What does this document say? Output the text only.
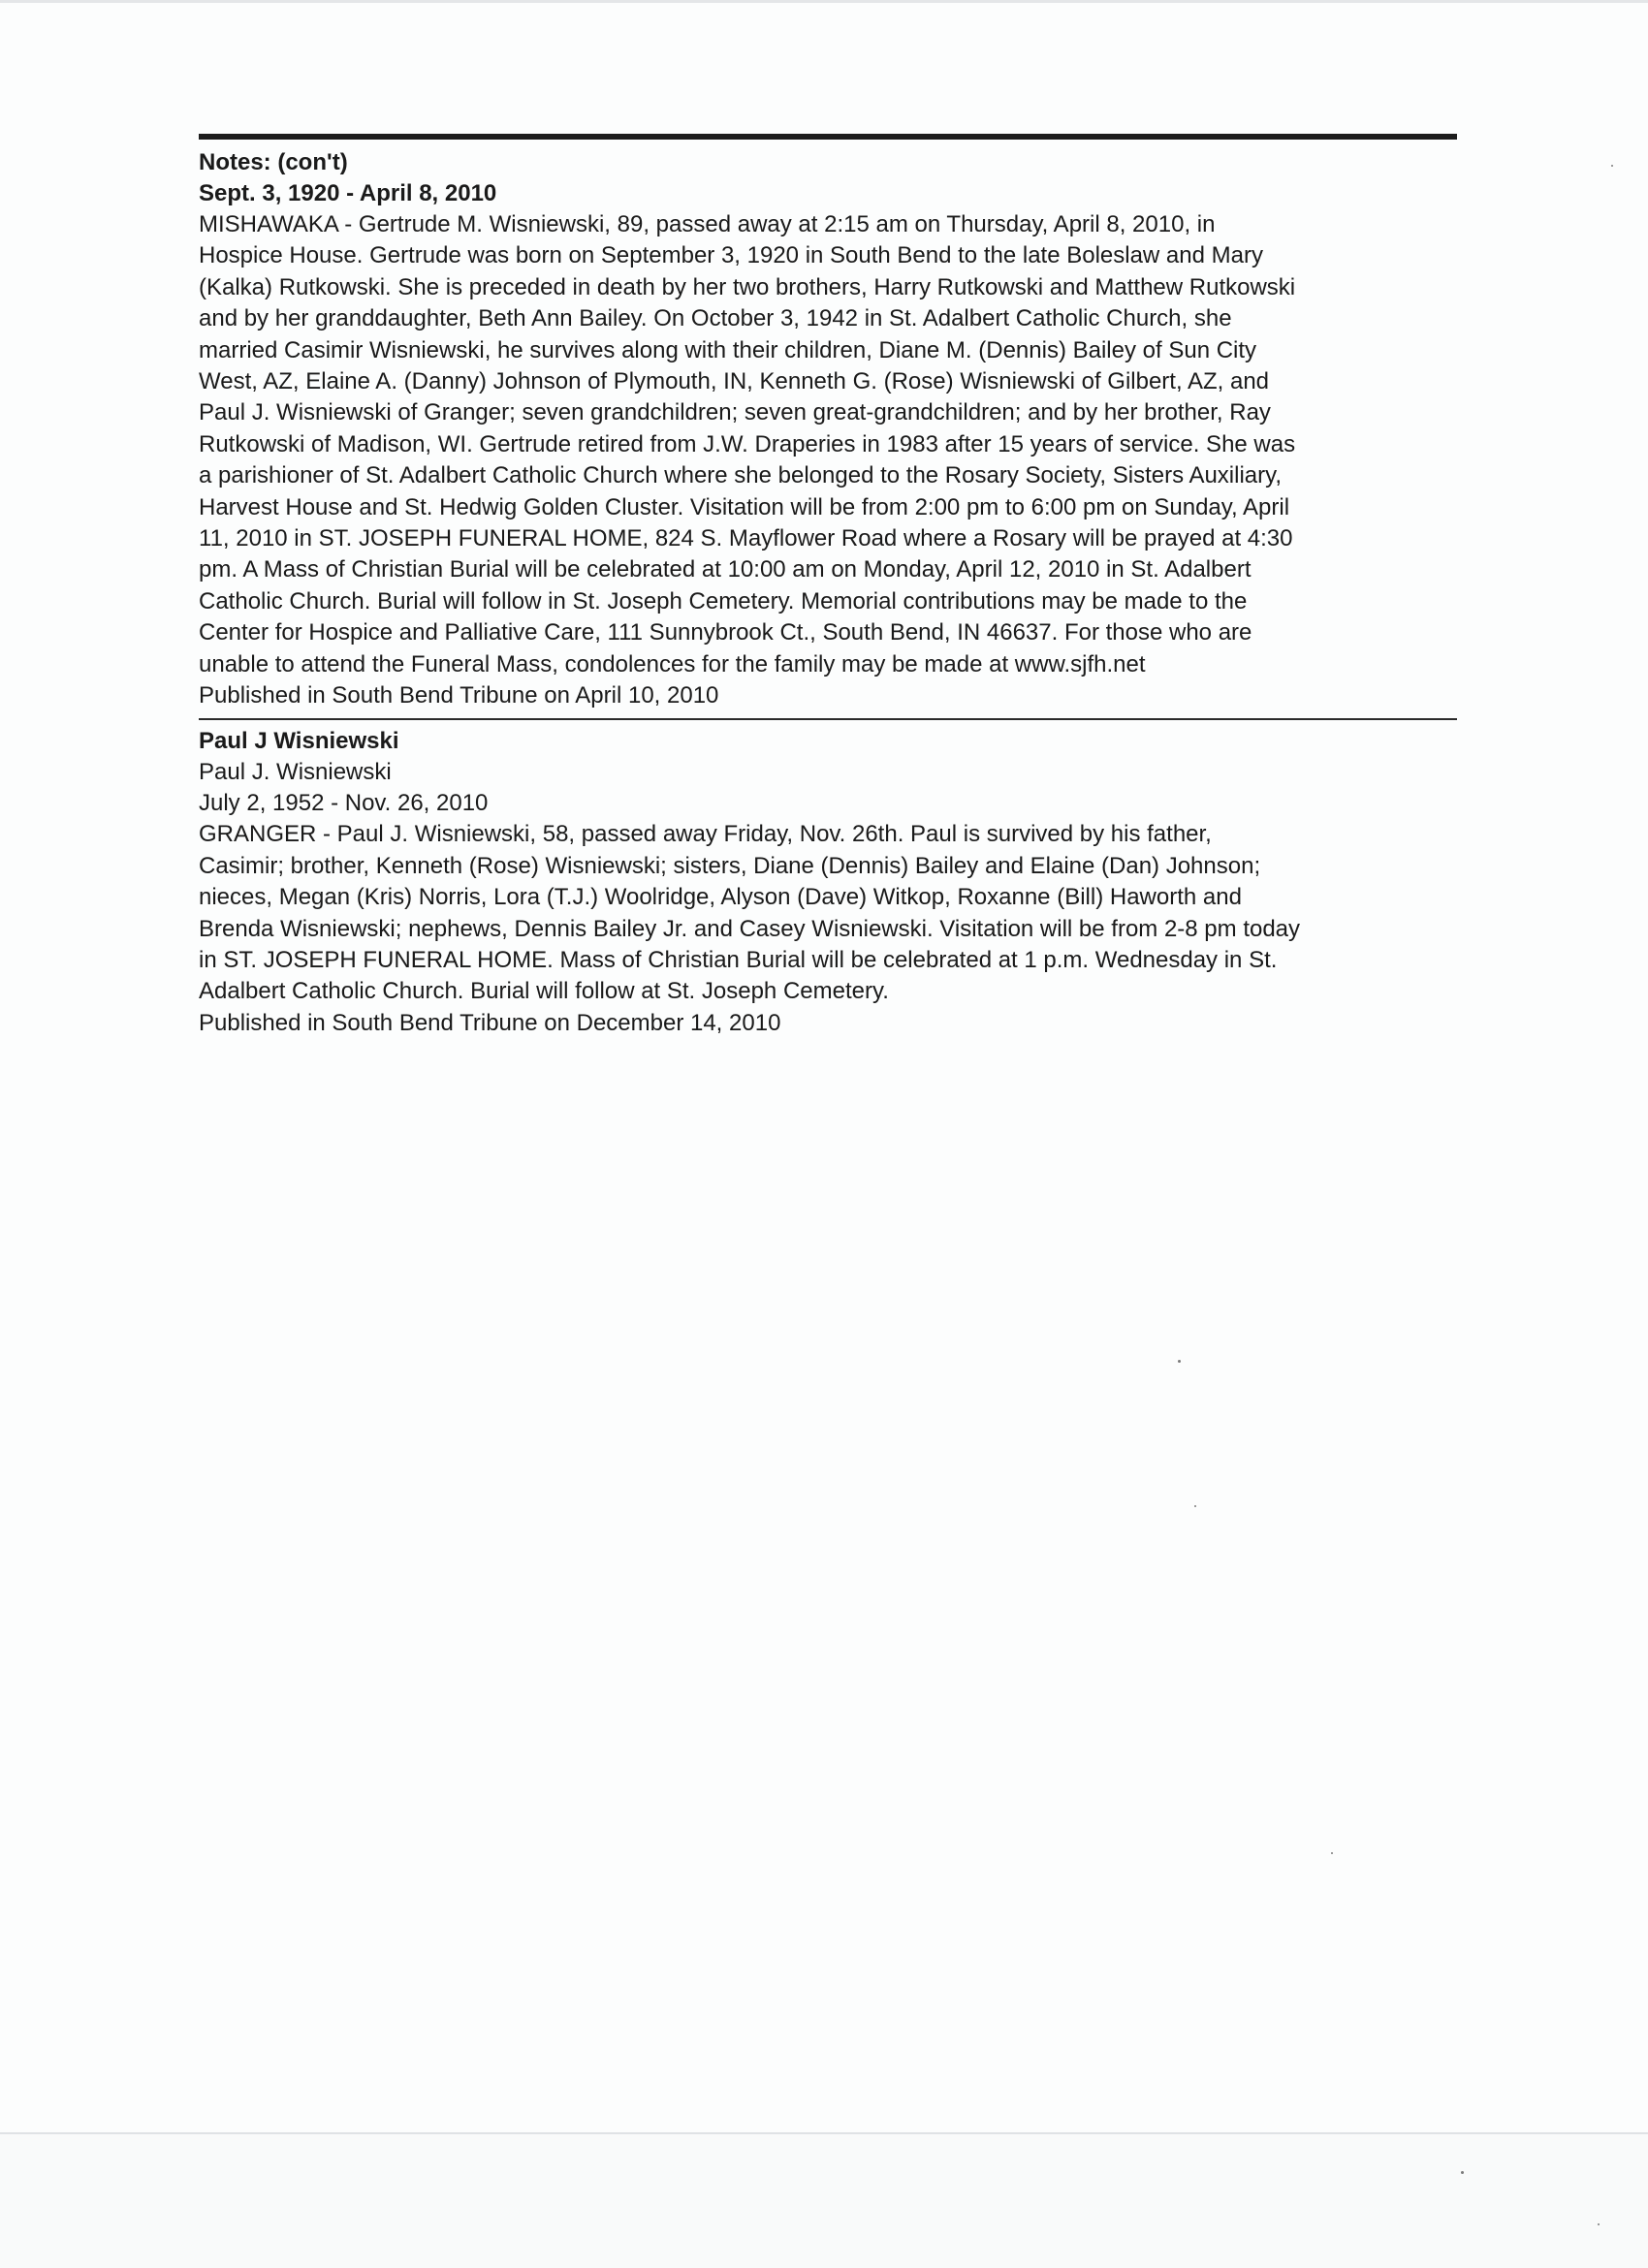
Notes: (con't)
Sept. 3, 1920 - April 8, 2010
MISHAWAKA - Gertrude M. Wisniewski, 89, passed away at 2:15 am on Thursday, April 8, 2010, in
Hospice House. Gertrude was born on September 3, 1920 in South Bend to the late Boleslaw and Mary
(Kalka) Rutkowski. She is preceded in death by her two brothers, Harry Rutkowski and Matthew Rutkowski
and by her granddaughter, Beth Ann Bailey. On October 3, 1942 in St. Adalbert Catholic Church, she
married Casimir Wisniewski, he survives along with their children, Diane M. (Dennis) Bailey of Sun City
West, AZ, Elaine A. (Danny) Johnson of Plymouth, IN, Kenneth G. (Rose) Wisniewski of Gilbert, AZ, and
Paul J. Wisniewski of Granger; seven grandchildren; seven great-grandchildren; and by her brother, Ray
Rutkowski of Madison, WI. Gertrude retired from J.W. Draperies in 1983 after 15 years of service. She was
a parishioner of St. Adalbert Catholic Church where she belonged to the Rosary Society, Sisters Auxiliary,
Harvest House and St. Hedwig Golden Cluster. Visitation will be from 2:00 pm to 6:00 pm on Sunday, April
11, 2010 in ST. JOSEPH FUNERAL HOME, 824 S. Mayflower Road where a Rosary will be prayed at 4:30
pm. A Mass of Christian Burial will be celebrated at 10:00 am on Monday, April 12, 2010 in St. Adalbert
Catholic Church. Burial will follow in St. Joseph Cemetery. Memorial contributions may be made to the
Center for Hospice and Palliative Care, 111 Sunnybrook Ct., South Bend, IN 46637. For those who are
unable to attend the Funeral Mass, condolences for the family may be made at www.sjfh.net
Published in South Bend Tribune on April 10, 2010
Paul J Wisniewski
Paul J. Wisniewski
July 2, 1952 - Nov. 26, 2010
GRANGER - Paul J. Wisniewski, 58, passed away Friday, Nov. 26th. Paul is survived by his father,
Casimir; brother, Kenneth (Rose) Wisniewski; sisters, Diane (Dennis) Bailey and Elaine (Dan) Johnson;
nieces, Megan (Kris) Norris, Lora (T.J.) Woolridge, Alyson (Dave) Witkop, Roxanne (Bill) Haworth and
Brenda Wisniewski; nephews, Dennis Bailey Jr. and Casey Wisniewski. Visitation will be from 2-8 pm today
in ST. JOSEPH FUNERAL HOME. Mass of Christian Burial will be celebrated at 1 p.m. Wednesday in St.
Adalbert Catholic Church. Burial will follow at St. Joseph Cemetery.
Published in South Bend Tribune on December 14, 2010
